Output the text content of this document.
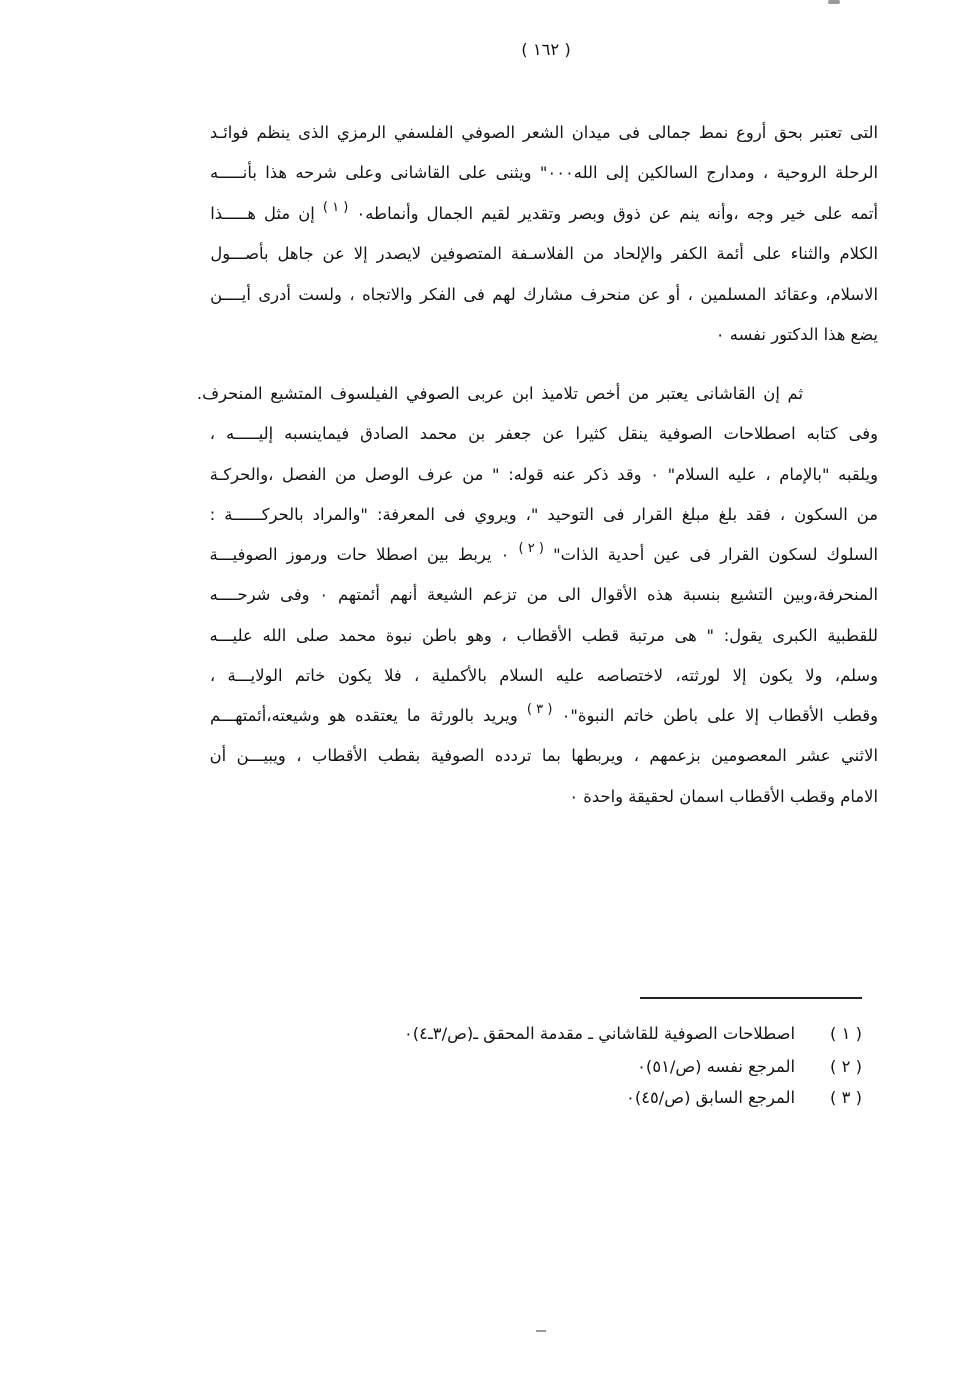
( ١٦٢ )
التى تعتبر بحق أروع نمط جمالى فى ميدان الشعر الصوفي الفلسفي الرمزي الذى ينظم فوائـد
الرحلة الروحية ، ومدارج السالكين إلى الله٠٠٠" ويثنى على القاشانى وعلى شرحه هذا بأنـــــه
أتمه على خير وجه ،وأنه ينم عن ذوق وبصر وتقدير لقيم الجمال وأنماطه٠ ( ١ ) إن مثل هـــــذا
الكلام والثناء على أئمة الكفر والإلحاد من الفلاسـفة المتصوفين لايصدر إلا عن جاهل بأصـــول
الاسلام، وعقائد المسلمين ، أو عن منحرف مشارك لهم فى الفكر والاتجاه ، ولست أدرى أيــــن
يضع هذا الدكتور نفسه ٠
ثم إن القاشانى يعتبر من أخص تلاميذ ابن عربى الصوفي الفيلسوف المتشيع المنحرف.
وفى كتابه اصطلاحات الصوفية ينقل كثيرا عن جعفر بن محمد الصادق فيماينسبه إليـــــه ،
ويلقبه "بالإمام ، عليه السلام" ٠ وقد ذكر عنه قوله: " من عرف الوصل من الفصل ،والحركـة
من السكون ، فقد بلغ مبلغ القرار فى التوحيد "، ويروي فى المعرفة: "والمراد بالحركــــــة :
السلوك لسكون القرار فى عين أحدية الذات" ( ٢ ) ٠ يربط بين اصطلا حات ورموز الصوفيـــة
المنحرفة،وبين التشيع بنسبة هذه الأقوال الى من تزعم الشيعة أنهم أئمتهم ٠ وفى شرحــــه
للقطبية الكبرى يقول: " هى مرتبة قطب الأقطاب ، وهو باطن نبوة محمد صلى الله عليـــه
وسلم، ولا يكون إلا لورثته، لاختصاصه عليه السلام بالأكملية ، فلا يكون خاتم الولايـــة ،
وقطب الأقطاب إلا على باطن خاتم النبوة"٠ ( ٣ ) ويريد بالورثة ما يعتقده هو وشيعته،أئمتهـــم
الاثني عشر المعصومين بزعمهم ، ويربطها بما تردده الصوفية بقطب الأقطاب ، ويبيـــن أن
الامام وقطب الأقطاب اسمان لحقيقة واحدة ٠
( ١ )
اصطلاحات الصوفية للقاشاني ـ مقدمة المحقق ـ(ص/٣ـ٤)٠
( ٢ )
المرجع نفسه (ص/٥١)٠
( ٣ )
المرجع السابق (ص/٤٥)٠
